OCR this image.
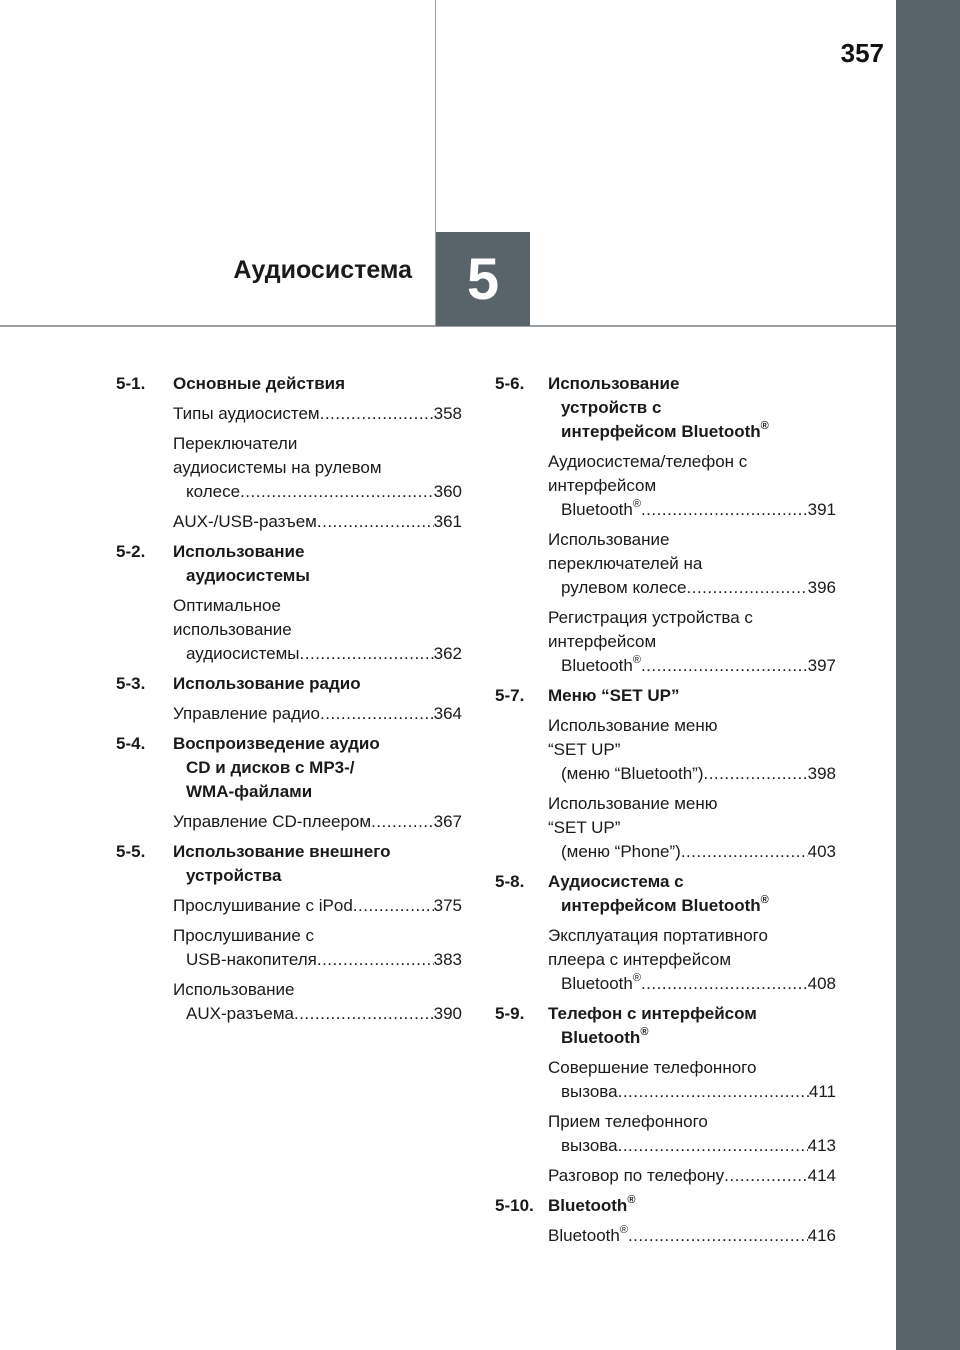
357
Аудиосистема 5
5-1. Основные действия
Типы аудиосистем .....	358
Переключатели
аудиосистемы на рулевом
колесе .....	360
AUX-/USB-разъем .....	361
5-2. Использование
аудиосистемы
Оптимальное
использование
аудиосистемы .....	362
5-3. Использование радио
Управление радио .....	364
5-4. Воспроизведение аудио
CD и дисков с MP3-/
WMA-файлами
Управление CD-плеером .....	367
5-5. Использование внешнего
устройства
Прослушивание с iPod .....	375
Прослушивание с
USB-накопителя .....	383
Использование
AUX-разъема .....	390
5-6. Использование
устройств с
интерфейсом Bluetooth®
Аудиосистема/телефон с
интерфейсом
Bluetooth® .....	391
Использование
переключателей на
рулевом колесе .....	396
Регистрация устройства с
интерфейсом
Bluetooth® .....	397
5-7. Меню “SET UP”
Использование меню
“SET UP”
(меню “Bluetooth”) .....	398
Использование меню
“SET UP”
(меню “Phone”) .....	403
5-8. Аудиосистема с
интерфейсом Bluetooth®
Эксплуатация портативного
плеера с интерфейсом
Bluetooth® .....	408
5-9. Телефон с интерфейсом
Bluetooth®
Совершение телефонного
вызова .....	411
Прием телефонного
вызова .....	413
Разговор по телефону .....	414
5-10. Bluetooth®
Bluetooth® .....	416
